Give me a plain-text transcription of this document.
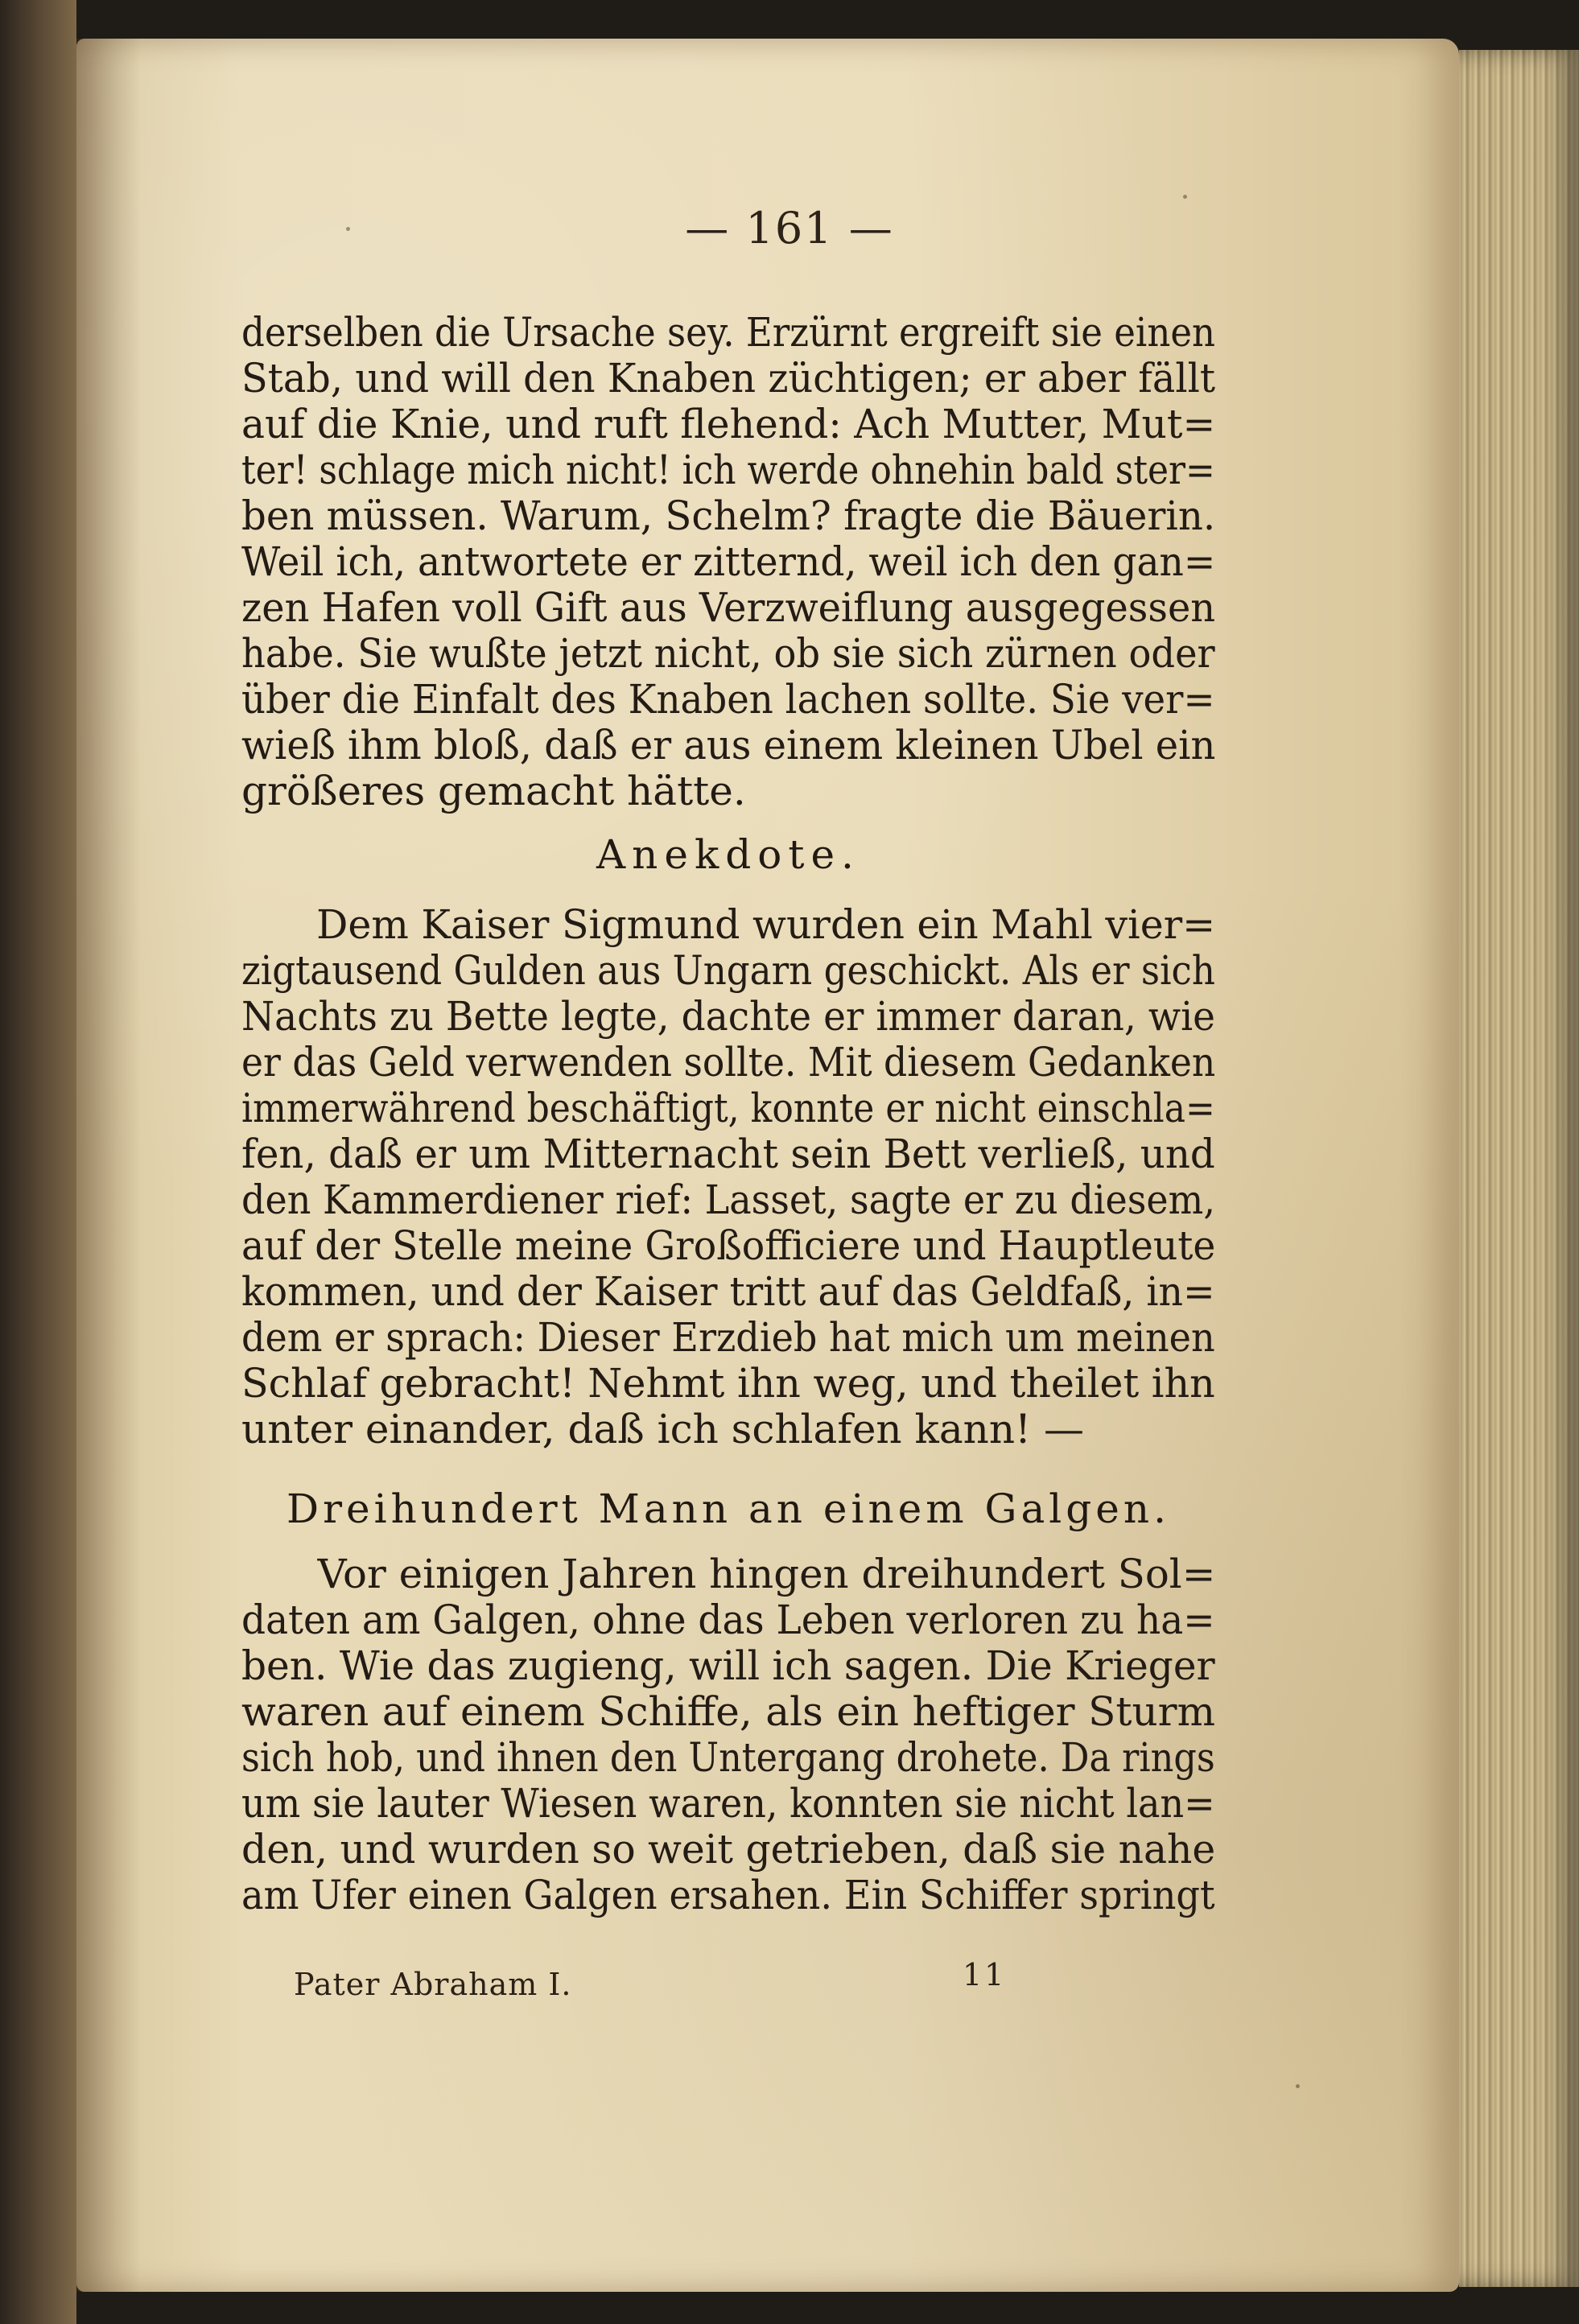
— 161 —
derselben die Ursache sey. Erzürnt ergreift sie einen
Stab, und will den Knaben züchtigen; er aber fällt
auf die Knie, und ruft flehend: Ach Mutter, Mut=
ter! schlage mich nicht! ich werde ohnehin bald ster=
ben müssen. Warum, Schelm? fragte die Bäuerin.
Weil ich, antwortete er zitternd, weil ich den gan=
zen Hafen voll Gift aus Verzweiflung ausgegessen
habe. Sie wußte jetzt nicht, ob sie sich zürnen oder
über die Einfalt des Knaben lachen sollte. Sie ver=
wieß ihm bloß, daß er aus einem kleinen Ubel ein
größeres gemacht hätte.
Anekdote.
Dem Kaiser Sigmund wurden ein Mahl vier=
zigtausend Gulden aus Ungarn geschickt. Als er sich
Nachts zu Bette legte, dachte er immer daran, wie
er das Geld verwenden sollte. Mit diesem Gedanken
immerwährend beschäftigt, konnte er nicht einschla=
fen, daß er um Mitternacht sein Bett verließ, und
den Kammerdiener rief: Lasset, sagte er zu diesem,
auf der Stelle meine Großofficiere und Hauptleute
kommen, und der Kaiser tritt auf das Geldfaß, in=
dem er sprach: Dieser Erzdieb hat mich um meinen
Schlaf gebracht! Nehmt ihn weg, und theilet ihn
unter einander, daß ich schlafen kann! —
Dreihundert Mann an einem Galgen.
Vor einigen Jahren hingen dreihundert Sol=
daten am Galgen, ohne das Leben verloren zu ha=
ben. Wie das zugieng, will ich sagen. Die Krieger
waren auf einem Schiffe, als ein heftiger Sturm
sich hob, und ihnen den Untergang drohete. Da rings
um sie lauter Wiesen waren, konnten sie nicht lan=
den, und wurden so weit getrieben, daß sie nahe
am Ufer einen Galgen ersahen. Ein Schiffer springt
Pater Abraham I.	11
